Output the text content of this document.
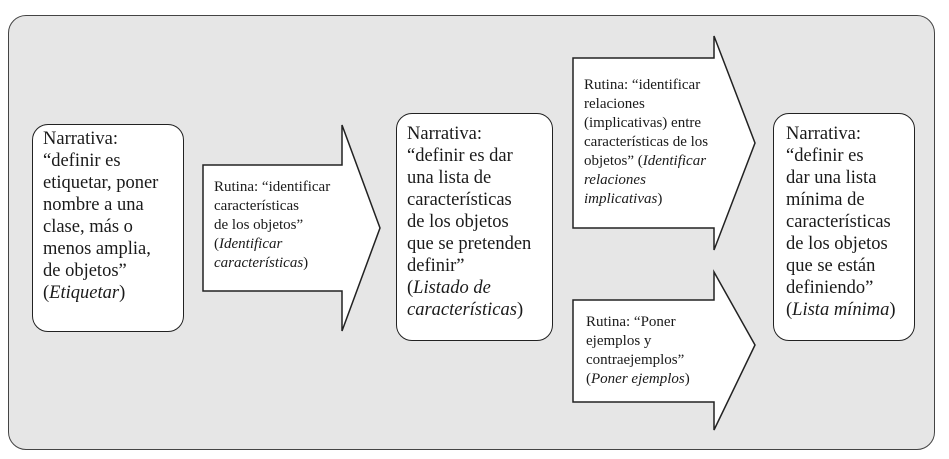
Narrativa:
“definir es
etiquetar, poner
nombre a una
clase, más o
menos amplia,
de objetos”
(Etiquetar)
Rutina: “identificar
características
de los objetos”
(Identificar
características)
Narrativa:
“definir es dar
una lista de
características
de los objetos
que se pretenden
definir”
(Listado de
características)
Rutina: “identificar
relaciones
(implicativas) entre
características de los
objetos” (Identificar
relaciones
implicativas)
Rutina: “Poner
ejemplos y
contraejemplos”
(Poner ejemplos)
Narrativa:
“definir es
dar una lista
mínima de
características
de los objetos
que se están
definiendo”
(Lista mínima)
